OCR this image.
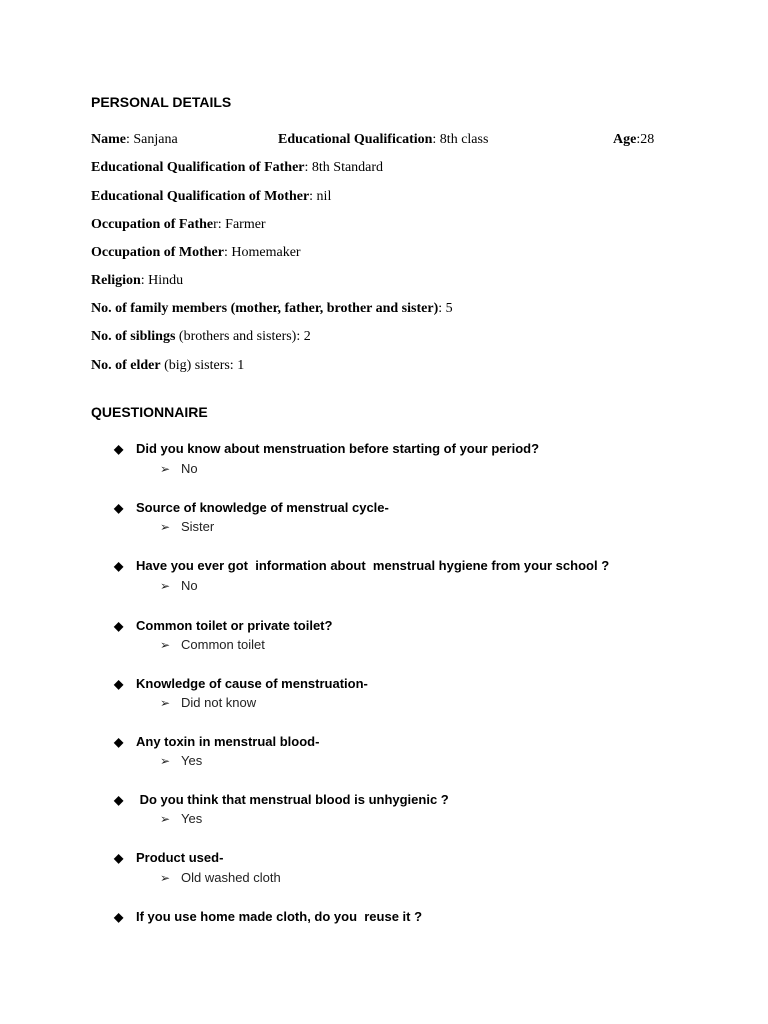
PERSONAL DETAILS
Name: Sanjana	Educational Qualification: 8th class	Age:28
Educational Qualification of Father: 8th Standard
Educational Qualification of Mother: nil
Occupation of Father: Farmer
Occupation of Mother: Homemaker
Religion: Hindu
No. of family members (mother, father, brother and sister): 5
No. of siblings (brothers and sisters): 2
No. of elder (big) sisters: 1
QUESTIONNAIRE
◆ Did you know about menstruation before starting of your period?
➢ No
◆ Source of knowledge of menstrual cycle-
➢ Sister
◆ Have you ever got  information about  menstrual hygiene from your school ?
➢ No
◆ Common toilet or private toilet?
➢ Common toilet
◆ Knowledge of cause of menstruation-
➢ Did not know
◆ Any toxin in menstrual blood-
➢ Yes
◆ Do you think that menstrual blood is unhygienic ?
➢ Yes
◆ Product used-
➢ Old washed cloth
◆ If you use home made cloth, do you  reuse it ?
